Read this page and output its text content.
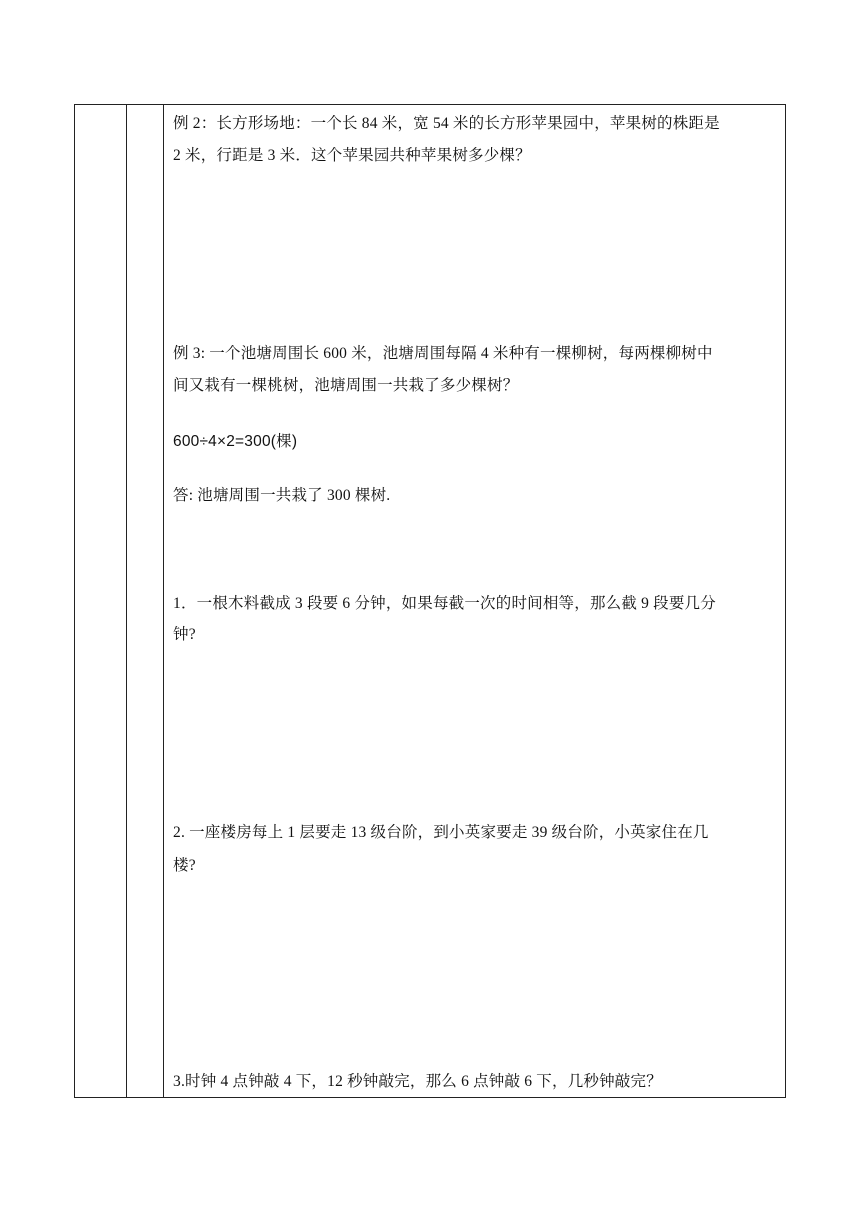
例 2：长方形场地：一个长 84 米，宽 54 米的长方形苹果园中，苹果树的株距是

2 米，行距是 3 米．这个苹果园共种苹果树多少棵？

例 3: 一个池塘周围长 600 米，池塘周围每隔 4 米种有一棵柳树，每两棵柳树中

间又栽有一棵桃树，池塘周围一共栽了多少棵树？

600÷4×2=300(棵)

答: 池塘周围一共栽了 300 棵树.

1．一根木料截成 3 段要 6 分钟，如果每截一次的时间相等，那么截 9 段要几分

钟?

2. 一座楼房每上 1 层要走 13 级台阶，到小英家要走 39 级台阶，小英家住在几

楼?

3.时钟 4 点钟敲 4 下，12 秒钟敲完，那么 6 点钟敲 6 下，几秒钟敲完？
